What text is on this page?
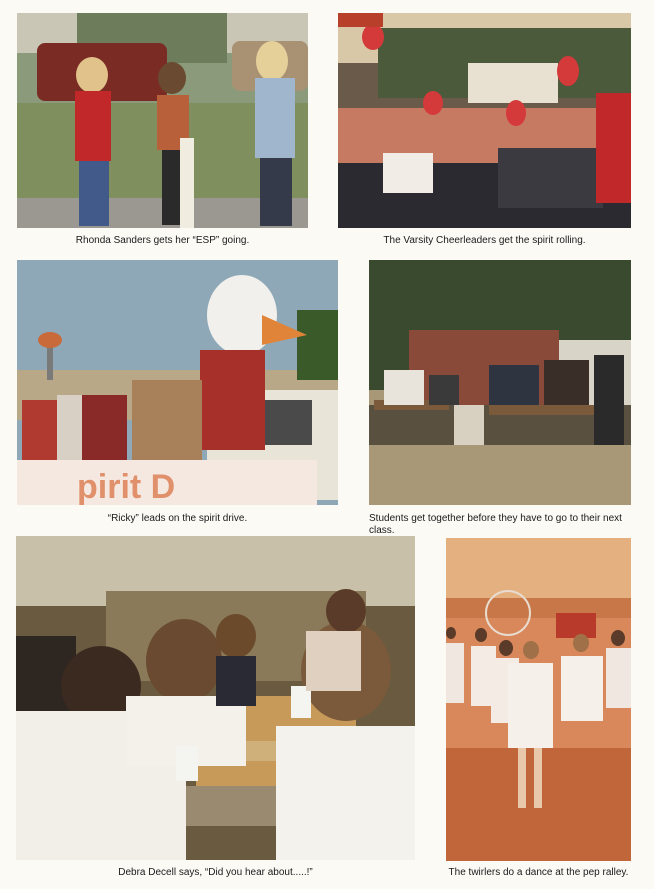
Rhonda Sanders gets her “ESP” going.	The Varsity Cheerleaders get the spirit rolling.
pirit D
“Ricky” leads on the spirit drive.	Students get together before they have to go to their next class.
Debra Decell says, “Did you hear about.....!”	The twirlers do a dance at the pep ralley.
